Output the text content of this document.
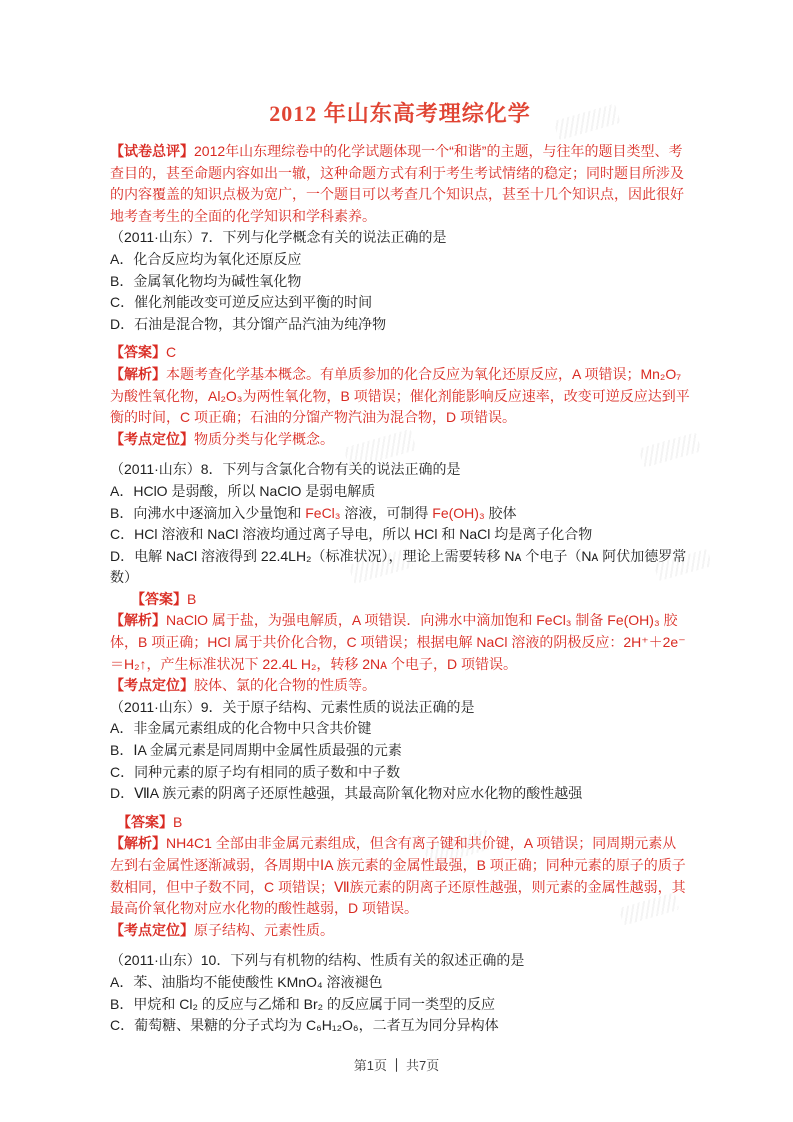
2012 年山东高考理综化学

【试卷总评】2012年山东理综卷中的化学试题体现一个“和谐”的主题，与往年的题目类型、考查目的，甚至命题内容如出一辙，这种命题方式有利于考生考试情绪的稳定；同时题目所涉及的内容覆盖的知识点极为宽广，一个题目可以考查几个知识点，甚至十几个知识点，因此很好地考查考生的全面的化学知识和学科素养。

（2011·山东）7．下列与化学概念有关的说法正确的是
A．化合反应均为氧化还原反应
B．金属氧化物均为碱性氧化物
C．催化剂能改变可逆反应达到平衡的时间
D．石油是混合物，其分馏产品汽油为纯净物
【答案】C
【解析】本题考查化学基本概念。有单质参加的化合反应为氧化还原反应，A 项错误；Mn₂O₇为酸性氧化物，Al₂O₃为两性氧化物，B 项错误；催化剂能影响反应速率，改变可逆反应达到平衡的时间，C 项正确；石油的分馏产物汽油为混合物，D 项错误。
【考点定位】物质分类与化学概念。
（2011·山东）8．下列与含氯化合物有关的说法正确的是
A．HClO 是弱酸，所以 NaClO 是弱电解质
B．向沸水中逐滴加入少量饱和 FeCl₃ 溶液，可制得 Fe(OH)₃ 胶体
C．HCl 溶液和 NaCl 溶液均通过离子导电，所以 HCl 和 NaCl 均是离子化合物
D．电解 NaCl 溶液得到 22.4LH₂（标准状况），理论上需要转移 Nᴀ 个电子（Nᴀ 阿伏加德罗常数）
　　【答案】B
【解析】NaClO 属于盐，为强电解质，A 项错误．向沸水中滴加饱和 FeCl₃ 制备 Fe(OH)₃ 胶体，B 项正确；HCl 属于共价化合物，C 项错误；根据电解 NaCl 溶液的阴极反应：2H⁺＋2e⁻＝H₂↑，产生标准状况下 22.4L H₂，转移 2Nᴀ 个电子，D 项错误。
【考点定位】胶体、氯的化合物的性质等。
（2011·山东）9．关于原子结构、元素性质的说法正确的是
A．非金属元素组成的化合物中只含共价键
B．ⅠA 金属元素是同周期中金属性质最强的元素
C．同种元素的原子均有相同的质子数和中子数
D．ⅦA 族元素的阴离子还原性越强，其最高阶氧化物对应水化物的酸性越强
　【答案】B
【解析】NH4C1 全部由非金属元素组成，但含有离子键和共价键，A 项错误；同周期元素从左到右金属性逐渐减弱，各周期中ⅠA 族元素的金属性最强，B 项正确；同种元素的原子的质子数相同，但中子数不同，C 项错误；Ⅶ族元素的阴离子还原性越强，则元素的金属性越弱，其最高价氧化物对应水化物的酸性越弱，D 项错误。
【考点定位】原子结构、元素性质。
（2011·山东）10．下列与有机物的结构、性质有关的叙述正确的是
A．苯、油脂均不能使酸性 KMnO₄ 溶液褪色
B．甲烷和 Cl₂ 的反应与乙烯和 Br₂ 的反应属于同一类型的反应
C．葡萄糖、果糖的分子式均为 C₆H₁₂O₆，二者互为同分异构体
第1页 ｜ 共7页
